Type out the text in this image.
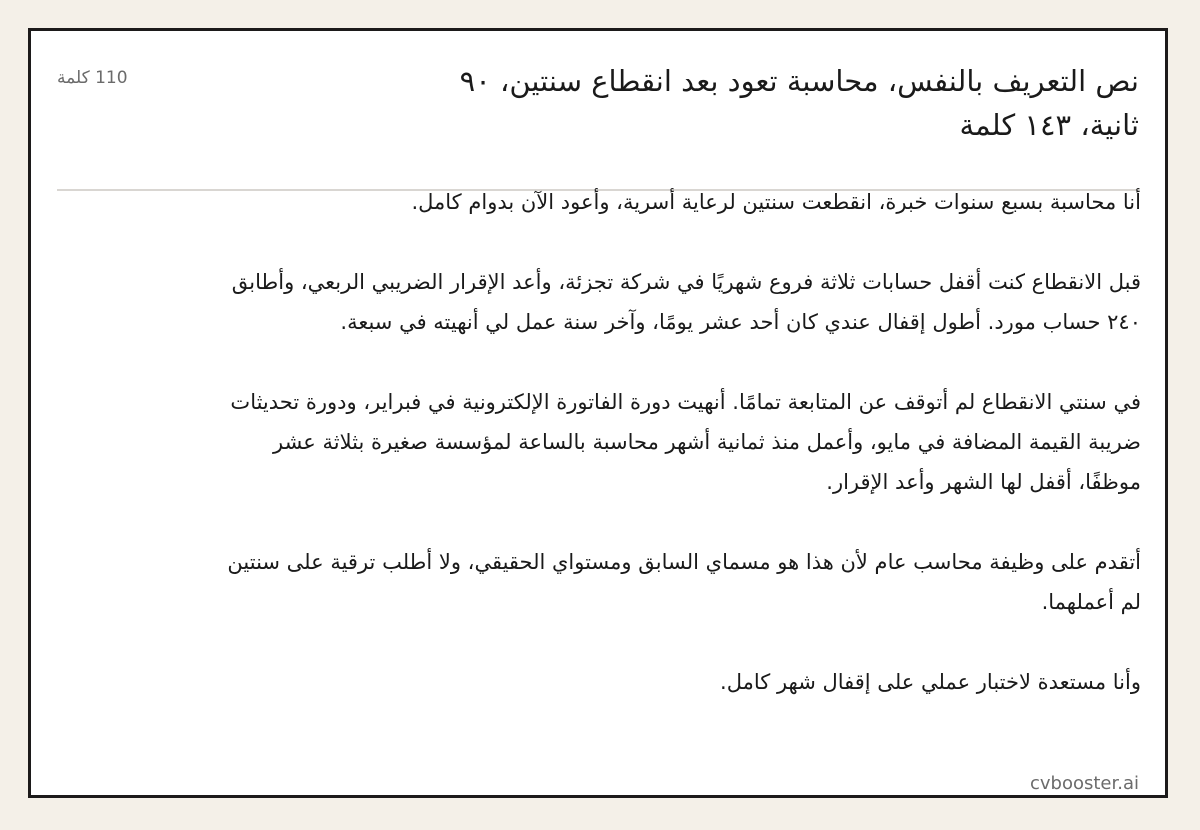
نص التعريف بالنفس، محاسبة تعود بعد انقطاع سنتين، ٩٠ ثانية، ١٤٣ كلمة
110 كلمة

أنا محاسبة بسبع سنوات خبرة، انقطعت سنتين لرعاية أسرية، وأعود الآن بدوام كامل.

قبل الانقطاع كنت أقفل حسابات ثلاثة فروع شهريًا في شركة تجزئة، وأعد الإقرار الضريبي الربعي، وأطابق ٢٤٠ حساب مورد. أطول إقفال عندي كان أحد عشر يومًا، وآخر سنة عمل لي أنهيته في سبعة.

في سنتي الانقطاع لم أتوقف عن المتابعة تمامًا. أنهيت دورة الفاتورة الإلكترونية في فبراير، ودورة تحديثات ضريبة القيمة المضافة في مايو، وأعمل منذ ثمانية أشهر محاسبة بالساعة لمؤسسة صغيرة بثلاثة عشر موظفًا، أقفل لها الشهر وأعد الإقرار.

أتقدم على وظيفة محاسب عام لأن هذا هو مسماي السابق ومستواي الحقيقي، ولا أطلب ترقية على سنتين لم أعملهما.

وأنا مستعدة لاختبار عملي على إقفال شهر كامل.

cvbooster.ai
